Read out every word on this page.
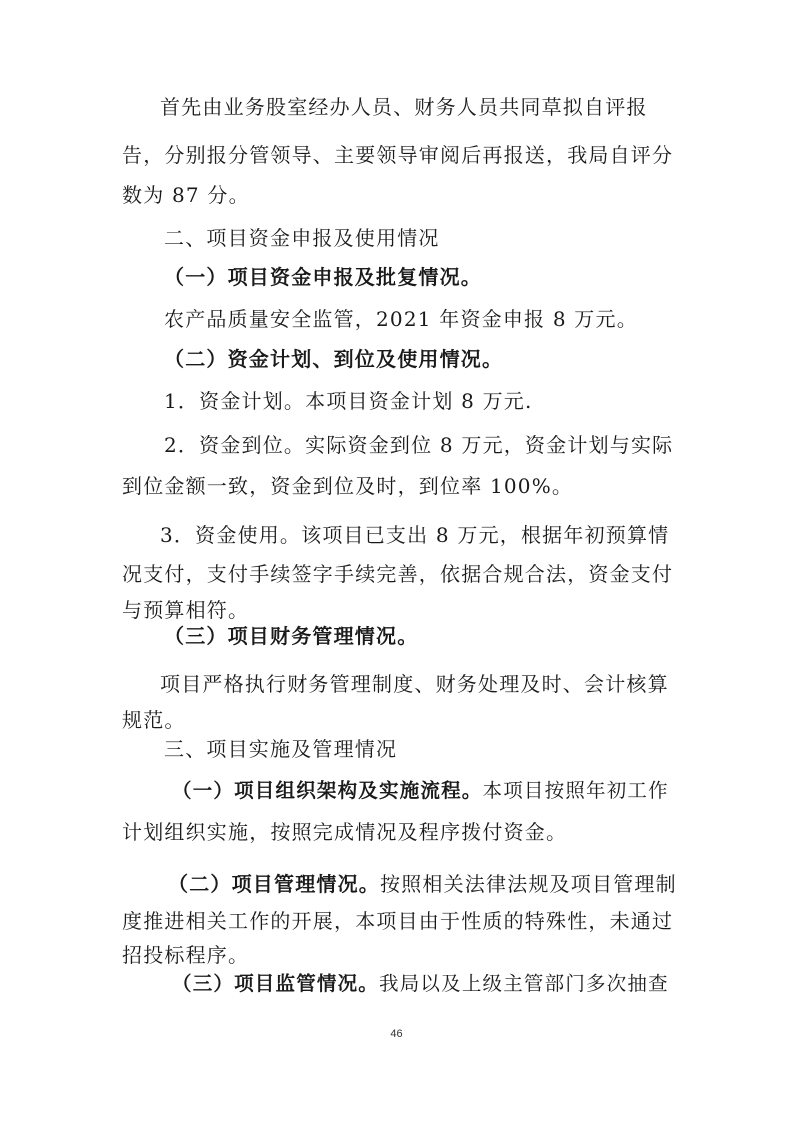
首先由业务股室经办人员、财务人员共同草拟自评报

告，分别报分管领导、主要领导审阅后再报送，我局自评分

数为 87 分。

二、项目资金申报及使用情况

（一）项目资金申报及批复情况。

农产品质量安全监管，2021 年资金申报 8 万元。

（二）资金计划、到位及使用情况。

1．资金计划。本项目资金计划 8 万元.

2．资金到位。实际资金到位 8 万元，资金计划与实际

到位金额一致，资金到位及时，到位率 100%。

3．资金使用。该项目已支出 8 万元，根据年初预算情

况支付，支付手续签字手续完善，依据合规合法，资金支付

与预算相符。

（三）项目财务管理情况。

项目严格执行财务管理制度、财务处理及时、会计核算

规范。

三、项目实施及管理情况

（一）项目组织架构及实施流程。本项目按照年初工作

计划组织实施，按照完成情况及程序拨付资金。

（二）项目管理情况。按照相关法律法规及项目管理制

度推进相关工作的开展，本项目由于性质的特殊性，未通过

招投标程序。

（三）项目监管情况。我局以及上级主管部门多次抽查

46
